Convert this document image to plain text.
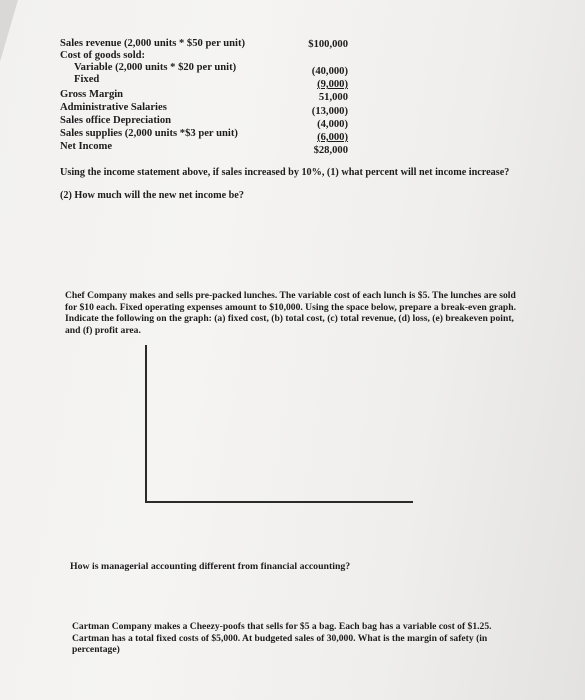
Sales revenue (2,000 units * $50 per unit)
Cost of goods sold:
Variable (2,000 units * $20 per unit)
Fixed
Gross Margin
Administrative Salaries
Sales office Depreciation
Sales supplies (2,000 units *$3 per unit)
Net Income
$100,000
(40,000)
(9,000)
51,000
(13,000)
(4,000)
(6,000)
$28,000
Using the income statement above, if sales increased by 10%, (1) what percent will net income increase?
(2) How much will the new net income be?
Chef Company makes and sells pre-packed lunches. The variable cost of each lunch is $5. The lunches are sold for $10 each. Fixed operating expenses amount to $10,000. Using the space below, prepare a break-even graph. Indicate the following on the graph: (a) fixed cost, (b) total cost, (c) total revenue, (d) loss, (e) breakeven point, and (f) profit area.
How is managerial accounting different from financial accounting?
Cartman Company makes a Cheezy-poofs that sells for $5 a bag. Each bag has a variable cost of $1.25. Cartman has a total fixed costs of $5,000. At budgeted sales of 30,000. What is the margin of safety (in percentage)
